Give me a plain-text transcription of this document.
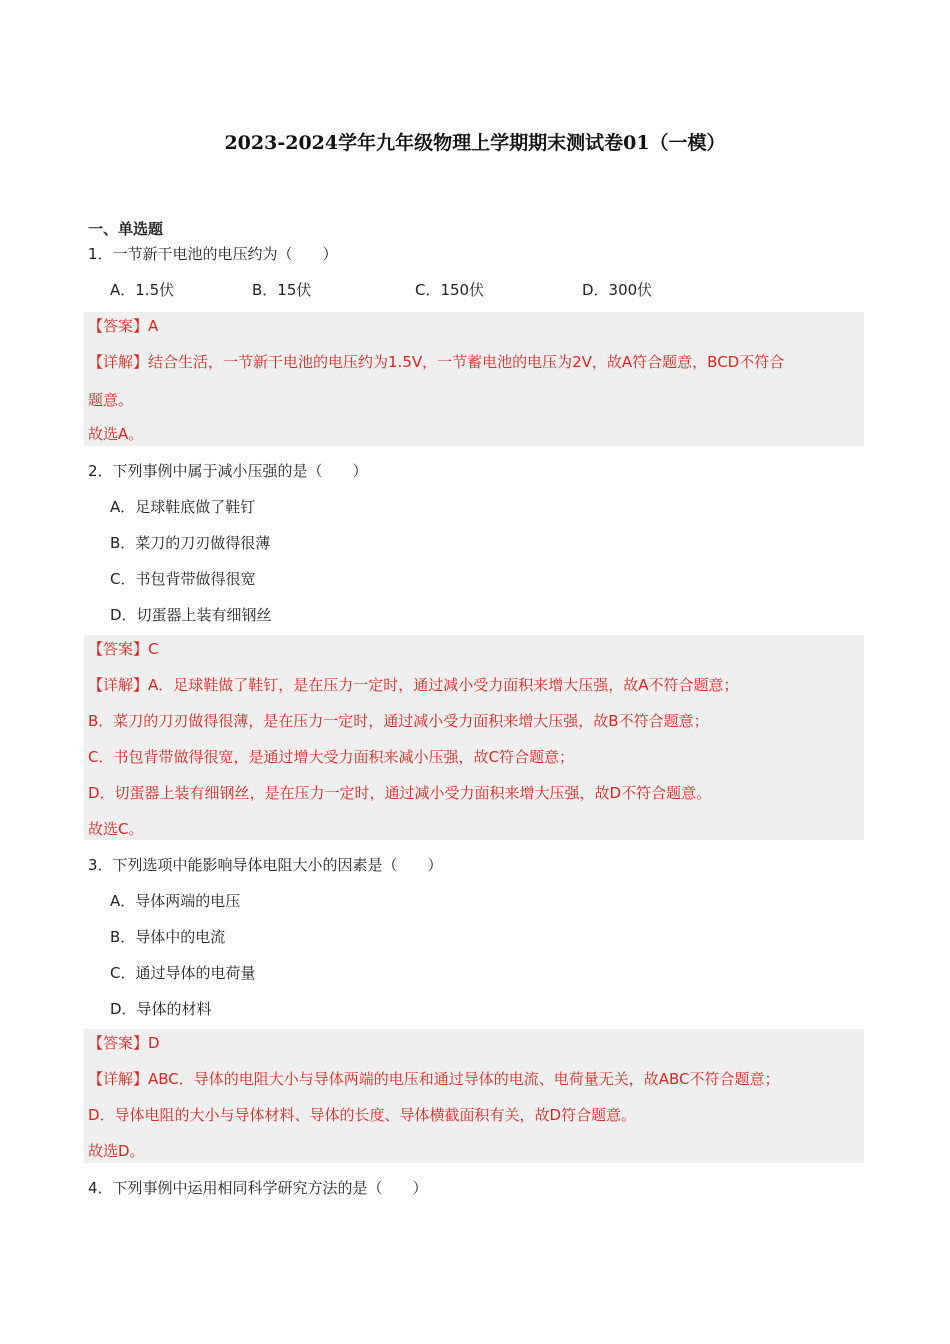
2023-2024学年九年级物理上学期期末测试卷01（一模）
一、单选题
1．一节新干电池的电压约为（　　）
A．1.5伏	B．15伏	C．150伏	D．300伏
【答案】A
【详解】结合生活，一节新干电池的电压约为1.5V，一节蓄电池的电压为2V，故A符合题意，BCD不符合
题意。
故选A。
2．下列事例中属于减小压强的是（　　）
A．足球鞋底做了鞋钉
B．菜刀的刀刃做得很薄
C．书包背带做得很宽
D．切蛋器上装有细钢丝
【答案】C
【详解】A．足球鞋做了鞋钉，是在压力一定时，通过减小受力面积来增大压强，故A不符合题意；
B．菜刀的刀刃做得很薄，是在压力一定时，通过减小受力面积来增大压强，故B不符合题意；
C．书包背带做得很宽，是通过增大受力面积来减小压强，故C符合题意；
D．切蛋器上装有细钢丝，是在压力一定时，通过减小受力面积来增大压强，故D不符合题意。
故选C。
3．下列选项中能影响导体电阻大小的因素是（　　）
A．导体两端的电压
B．导体中的电流
C．通过导体的电荷量
D．导体的材料
【答案】D
【详解】ABC．导体的电阻大小与导体两端的电压和通过导体的电流、电荷量无关，故ABC不符合题意；
D．导体电阻的大小与导体材料、导体的长度、导体横截面积有关，故D符合题意。
故选D。
4．下列事例中运用相同科学研究方法的是（　　）
